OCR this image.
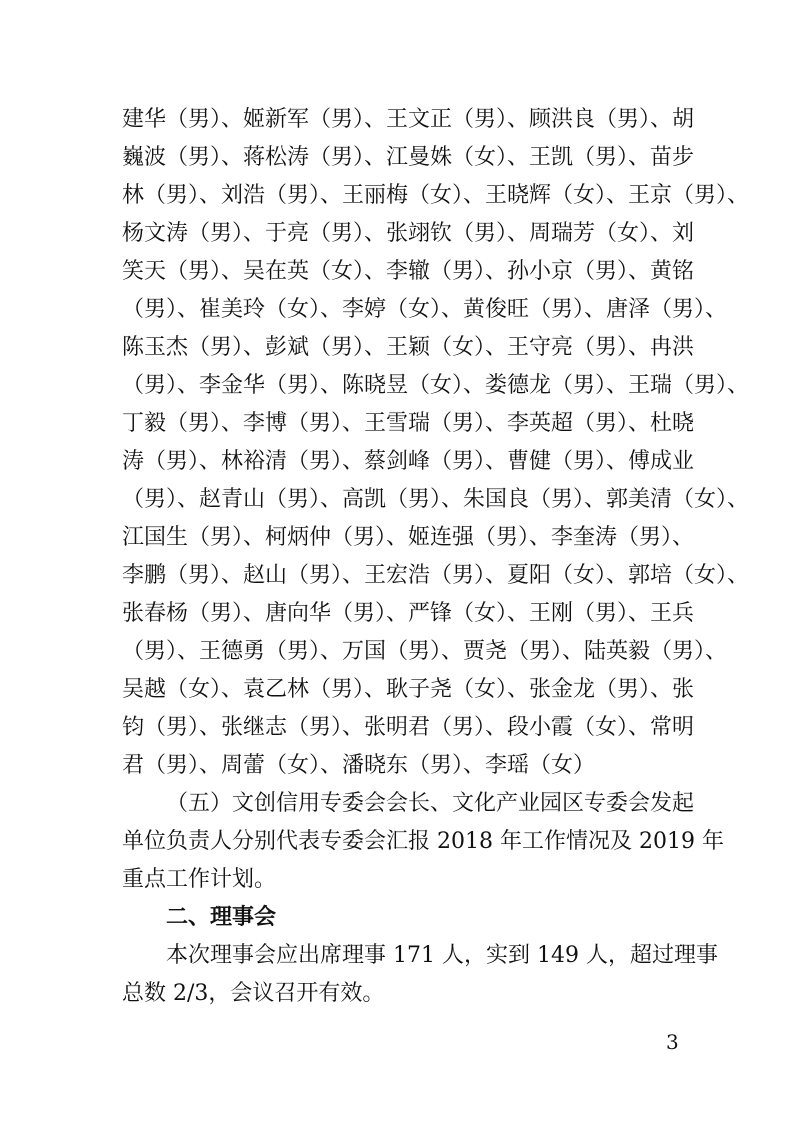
建华（男）、姬新军（男）、王文正（男）、顾洪良（男）、胡
巍波（男）、蒋松涛（男）、江曼姝（女）、王凯（男）、苗步
林（男）、刘浩（男）、王丽梅（女）、王晓辉（女）、王京（男）、
杨文涛（男）、于亮（男）、张翊钦（男）、周瑞芳（女）、刘
笑天（男）、吴在英（女）、李辙（男）、孙小京（男）、黄铭
（男）、崔美玲（女）、李婷（女）、黄俊旺（男）、唐泽（男）、
陈玉杰（男）、彭斌（男）、王颖（女）、王守亮（男）、冉洪
（男）、李金华（男）、陈晓昱（女）、娄德龙（男）、王瑞（男）、
丁毅（男）、李博（男）、王雪瑞（男）、李英超（男）、杜晓
涛（男）、林裕清（男）、蔡剑峰（男）、曹健（男）、傅成业
（男）、赵青山（男）、高凯（男）、朱国良（男）、郭美清（女）、
江国生（男）、柯炳仲（男）、姬连强（男）、李奎涛（男）、
李鹏（男）、赵山（男）、王宏浩（男）、夏阳（女）、郭培（女）、
张春杨（男）、唐向华（男）、严锋（女）、王刚（男）、王兵
（男）、王德勇（男）、万国（男）、贾尧（男）、陆英毅（男）、
吴越（女）、袁乙林（男）、耿子尧（女）、张金龙（男）、张
钧（男）、张继志（男）、张明君（男）、段小霞（女）、常明
君（男）、周蕾（女）、潘晓东（男）、李瑶（女）
（五）文创信用专委会会长、文化产业园区专委会发起
单位负责人分别代表专委会汇报 2018 年工作情况及 2019 年
重点工作计划。
二、理事会
本次理事会应出席理事 171 人，实到 149 人，超过理事
总数 2/3，会议召开有效。
3
